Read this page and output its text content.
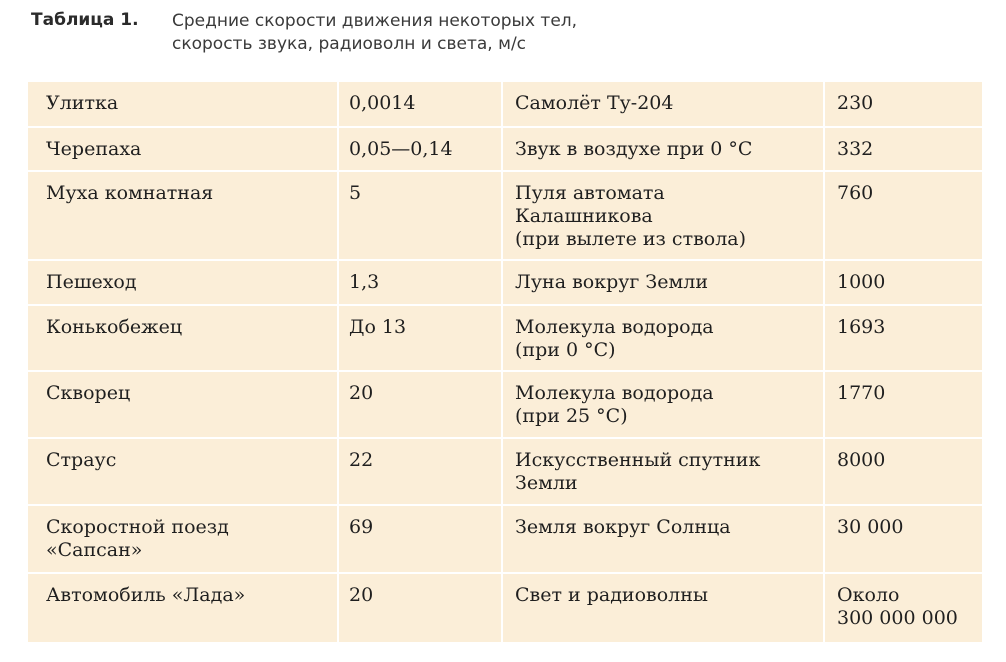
Таблица 1. Средние скорости движения некоторых тел,
скорость звука, радиоволн и света, м/с
Улитка	0,0014	Самолёт Ту-204	230
Черепаха	0,05—0,14	Звук в воздухе при 0 °С	332
Муха комнатная	5	Пуля автомата
Калашникова
(при вылете из ствола)	760
Пешеход	1,3	Луна вокруг Земли	1000
Конькобежец	До 13	Молекула водорода
(при 0 °С)	1693
Скворец	20	Молекула водорода
(при 25 °С)	1770
Страус	22	Искусственный спутник
Земли	8000
Скоростной поезд
«Сапсан»	69	Земля вокруг Солнца	30 000
Автомобиль «Лада»	20	Свет и радиоволны	Около
300 000 000
